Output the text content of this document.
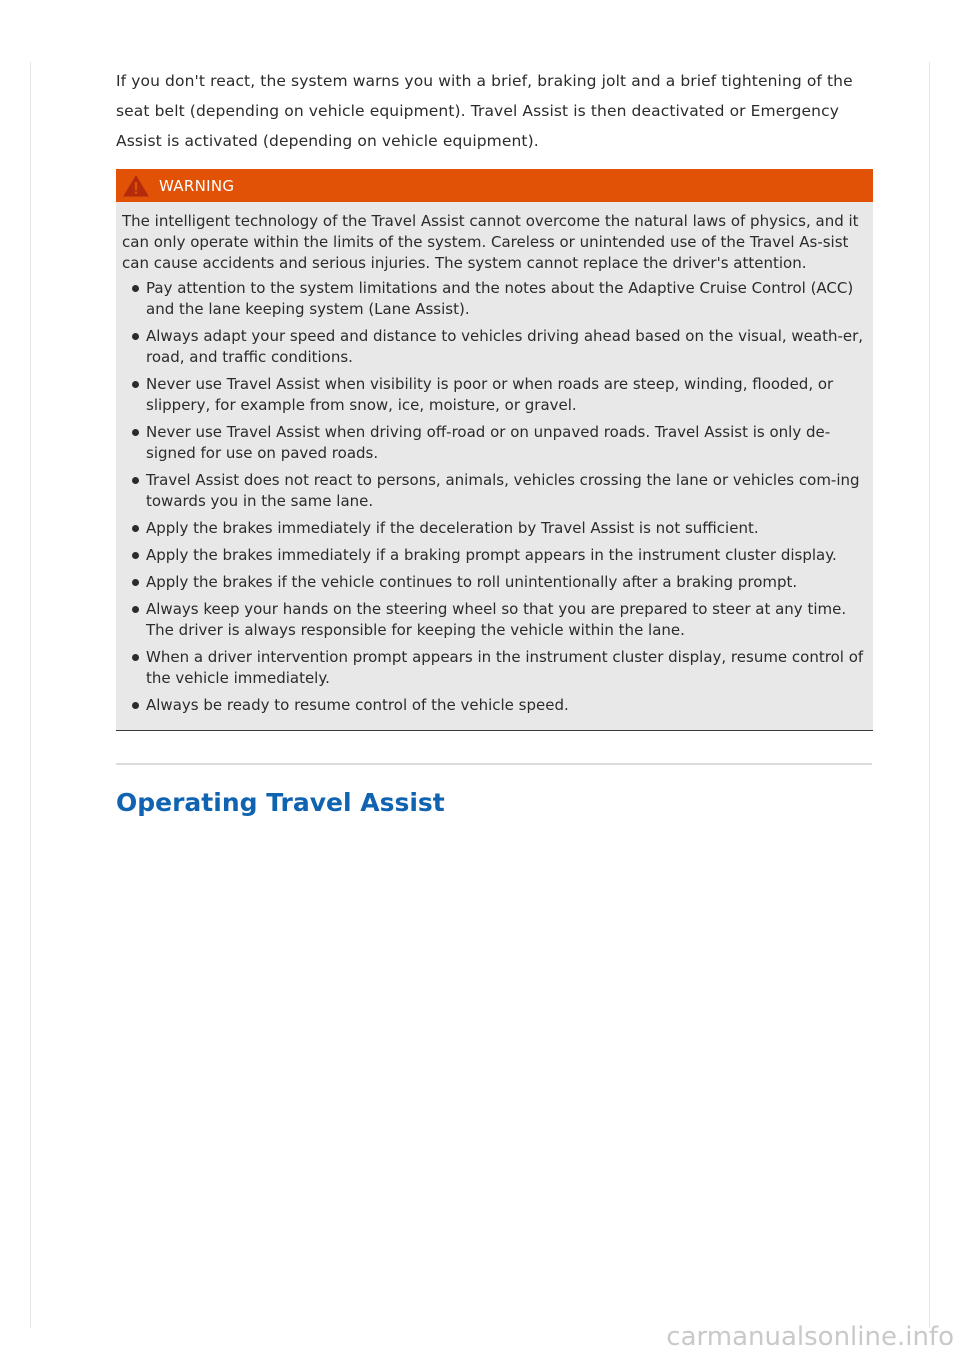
If you don't react, the system warns you with a brief, braking jolt and a brief tightening of the seat belt (depending on vehicle equipment). Travel Assist is then deactivated or Emergency Assist is activated (depending on vehicle equipment).

WARNING

The intelligent technology of the Travel Assist cannot overcome the natural laws of physics, and it can only operate within the limits of the system. Careless or unintended use of the Travel As-sist can cause accidents and serious injuries. The system cannot replace the driver's attention.

Pay attention to the system limitations and the notes about the Adaptive Cruise Control (ACC) and the lane keeping system (Lane Assist).
Always adapt your speed and distance to vehicles driving ahead based on the visual, weath-er, road, and traffic conditions.
Never use Travel Assist when visibility is poor or when roads are steep, winding, flooded, or slippery, for example from snow, ice, moisture, or gravel.
Never use Travel Assist when driving off-road or on unpaved roads. Travel Assist is only de-signed for use on paved roads.
Travel Assist does not react to persons, animals, vehicles crossing the lane or vehicles com-ing towards you in the same lane.
Apply the brakes immediately if the deceleration by Travel Assist is not sufficient.
Apply the brakes immediately if a braking prompt appears in the instrument cluster display.
Apply the brakes if the vehicle continues to roll unintentionally after a braking prompt.
Always keep your hands on the steering wheel so that you are prepared to steer at any time. The driver is always responsible for keeping the vehicle within the lane.
When a driver intervention prompt appears in the instrument cluster display, resume control of the vehicle immediately.
Always be ready to resume control of the vehicle speed.
Operating Travel Assist

carmanualsonline.info
